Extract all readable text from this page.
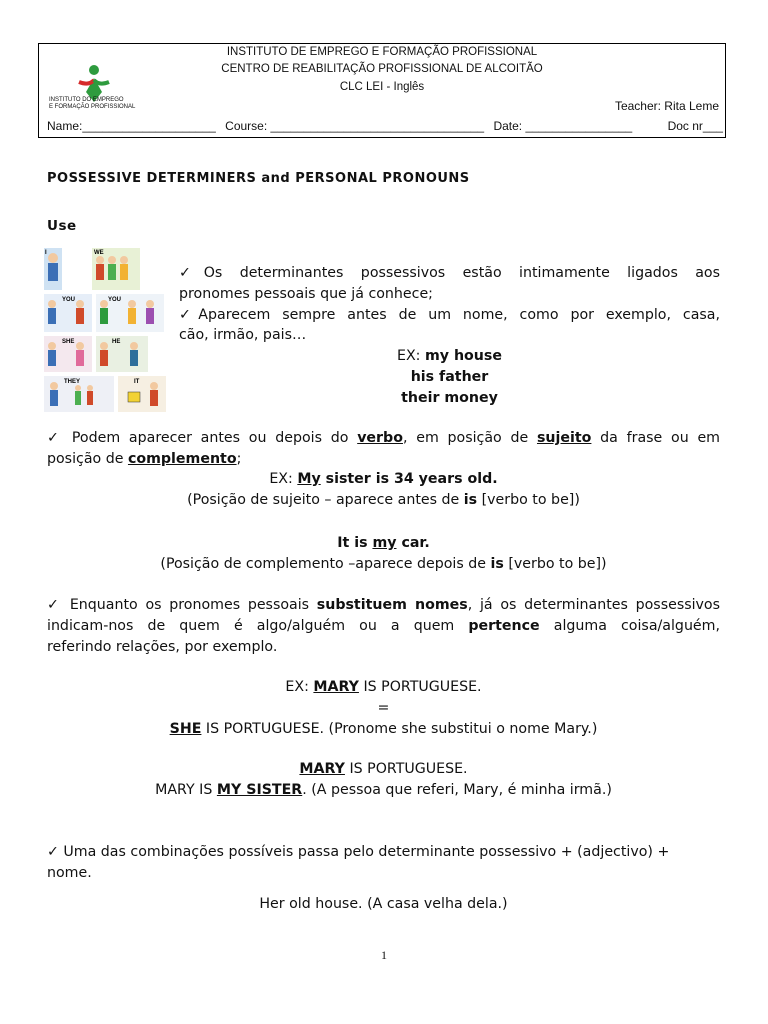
INSTITUTO DO EMPREGO
E FORMAÇÃO PROFISSIONAL
INSTITUTO DE EMPREGO E FORMAÇÃO PROFISSIONAL
CENTRO DE REABILITAÇÃO PROFISSIONAL DE ALCOITÃO
CLC LEI - Inglês
Teacher: Rita Leme
Name:____________________ Course: ________________________________ Date: ________________	Doc nr___
POSSESSIVE DETERMINERS and PERSONAL PRONOUNS
Use
I	WE
YOU	YOU
SHE	HE
THEY	IT
✓Os determinantes possessivos estão intimamente ligados aos
pronomes pessoais que já conhece;
✓Aparecem sempre antes de um nome, como por exemplo, casa,
cão, irmão, pais…
EX: my house
his father
their money
✓ Podem aparecer antes ou depois do verbo, em posição de sujeito da frase ou em
posição de complemento;
EX: My sister is 34 years old.
(Posição de sujeito – aparece antes de is [verbo to be])
It is my car.
(Posição de complemento –aparece depois de is [verbo to be])
✓ Enquanto os pronomes pessoais substituem nomes, já os determinantes possessivos
indicam-nos de quem é algo/alguém ou a quem pertence alguma coisa/alguém,
referindo relações, por exemplo.
EX: MARY IS PORTUGUESE.
=
SHE IS PORTUGUESE. (Pronome she substitui o nome Mary.)
MARY IS PORTUGUESE.
MARY IS MY SISTER. (A pessoa que referi, Mary, é minha irmã.)
✓ Uma das combinações possíveis passa pelo determinante possessivo + (adjectivo) +
nome.
Her old house. (A casa velha dela.)
1
